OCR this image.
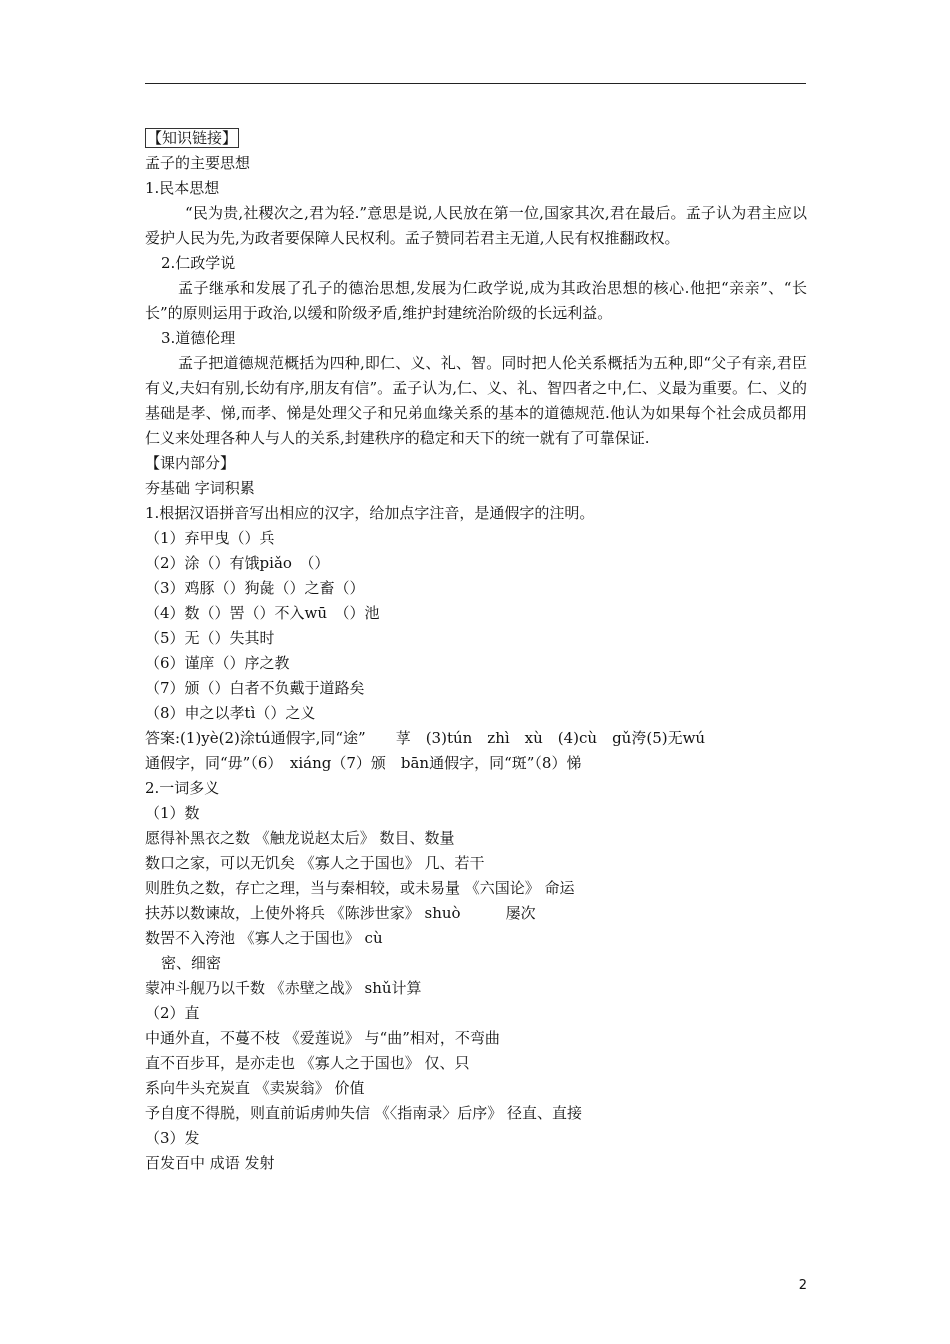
【知识链接】
孟子的主要思想
1.民本思想
“民为贵,社稷次之,君为轻.”意思是说,人民放在第一位,国家其次,君在最后。孟子认为君主应以爱护人民为先,为政者要保障人民权利。孟子赞同若君主无道,人民有权推翻政权。
2.仁政学说
孟子继承和发展了孔子的德治思想,发展为仁政学说,成为其政治思想的核心.他把“亲亲”、“长长”的原则运用于政治,以缓和阶级矛盾,维护封建统治阶级的长远利益。
3.道德伦理
孟子把道德规范概括为四种,即仁、义、礼、智。同时把人伦关系概括为五种,即“父子有亲,君臣有义,夫妇有别,长幼有序,朋友有信”。孟子认为,仁、义、礼、智四者之中,仁、义最为重要。仁、义的基础是孝、悌,而孝、悌是处理父子和兄弟血缘关系的基本的道德规范.他认为如果每个社会成员都用仁义来处理各种人与人的关系,封建秩序的稳定和天下的统一就有了可靠保证.
【课内部分】
夯基础 字词积累
1.根据汉语拼音写出相应的汉字，给加点字注音，是通假字的注明。
（1）弃甲曳（）兵
（2）涂（）有饿piǎo　（）
（3）鸡豚（）狗彘（）之畜（）
（4）数（）罟（）不入wū　（）池
（5）无（）失其时
（6）谨庠（）序之教
（7）颁（）白者不负戴于道路矣
（8）申之以孝tì（）之义
答案:(1)yè(2)涂tú通假字,同“途”　　莩　(3)tún　zhì　xù　(4)cù　gǔ洿(5)无wú
通假字，同“毋”（6）　xiáng（7）颁　bān通假字，同“斑”（8）悌
2.一词多义
（1）数
愿得补黑衣之数 《触龙说赵太后》 数目、数量
数口之家，可以无饥矣 《寡人之于国也》 几、若干
则胜负之数，存亡之理，当与秦相较，或未易量 《六国论》 命运
扶苏以数谏故，上使外将兵 《陈涉世家》 shuò　　　屡次
数罟不入洿池 《寡人之于国也》 cù
密、细密
蒙冲斗舰乃以千数 《赤壁之战》 shǔ计算
（2）直
中通外直，不蔓不枝 《爱莲说》 与“曲”相对，不弯曲
直不百步耳，是亦走也 《寡人之于国也》 仅、只
系向牛头充炭直 《卖炭翁》 价值
予自度不得脱，则直前诟虏帅失信 《〈指南录〉后序》 径直、直接
（3）发
百发百中 成语 发射
2
